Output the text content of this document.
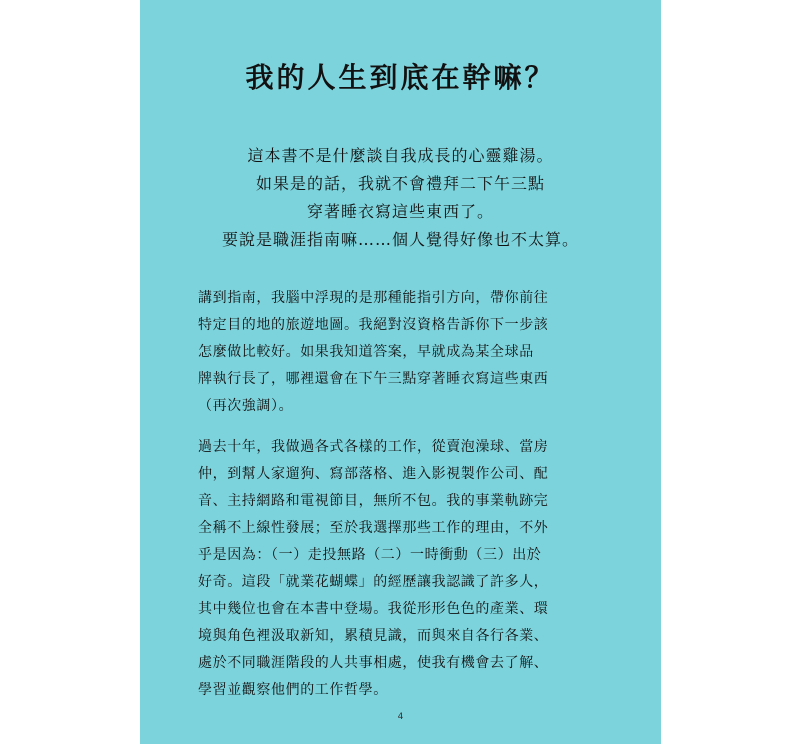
我的人生到底在幹嘛？
這本書不是什麼談自我成長的心靈雞湯。
如果是的話，我就不會禮拜二下午三點
穿著睡衣寫這些東西了。
要說是職涯指南嘛……個人覺得好像也不太算。
講到指南，我腦中浮現的是那種能指引方向，帶你前往
特定目的地的旅遊地圖。我絕對沒資格告訴你下一步該
怎麼做比較好。如果我知道答案，早就成為某全球品
牌執行長了，哪裡還會在下午三點穿著睡衣寫這些東西
（再次強調）。
過去十年，我做過各式各樣的工作，從賣泡澡球、當房
仲，到幫人家遛狗、寫部落格、進入影視製作公司、配
音、主持網路和電視節目，無所不包。我的事業軌跡完
全稱不上線性發展；至於我選擇那些工作的理由，不外
乎是因為：（一）走投無路（二）一時衝動（三）出於
好奇。這段「就業花蝴蝶」的經歷讓我認識了許多人，
其中幾位也會在本書中登場。我從形形色色的產業、環
境與角色裡汲取新知，累積見識，而與來自各行各業、
處於不同職涯階段的人共事相處，使我有機會去了解、
學習並觀察他們的工作哲學。
4
